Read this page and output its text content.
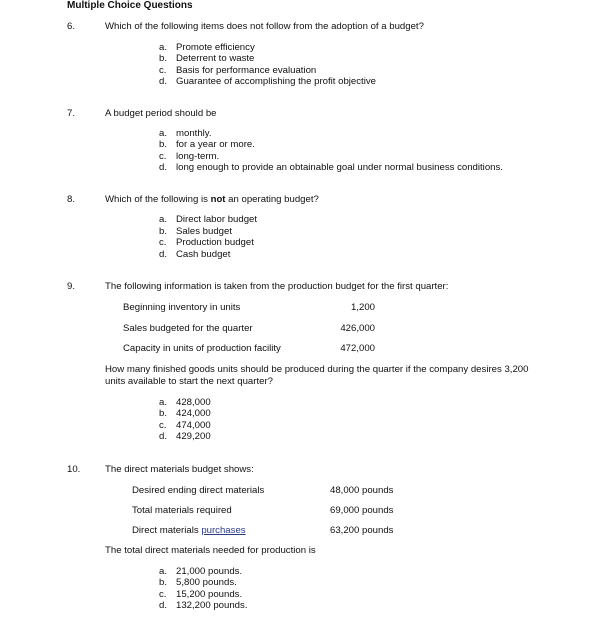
Multiple Choice Questions
6.	Which of the following items does not follow from the adoption of a budget?
a. Promote efficiency
b. Deterrent to waste
c. Basis for performance evaluation
d. Guarantee of accomplishing the profit objective
7.	A budget period should be
a. monthly.
b. for a year or more.
c. long-term.
d. long enough to provide an obtainable goal under normal business conditions.
8.	Which of the following is not an operating budget?
a. Direct labor budget
b. Sales budget
c. Production budget
d. Cash budget
9.	The following information is taken from the production budget for the first quarter:
Beginning inventory in units	1,200
Sales budgeted for the quarter	426,000
Capacity in units of production facility	472,000
How many finished goods units should be produced during the quarter if the company desires 3,200
units available to start the next quarter?
a. 428,000
b. 424,000
c. 474,000
d. 429,200
10.	The direct materials budget shows:
Desired ending direct materials	48,000 pounds
Total materials required	69,000 pounds
Direct materials purchases	63,200 pounds
The total direct materials needed for production is
a. 21,000 pounds.
b. 5,800 pounds.
c. 15,200 pounds.
d. 132,200 pounds.
